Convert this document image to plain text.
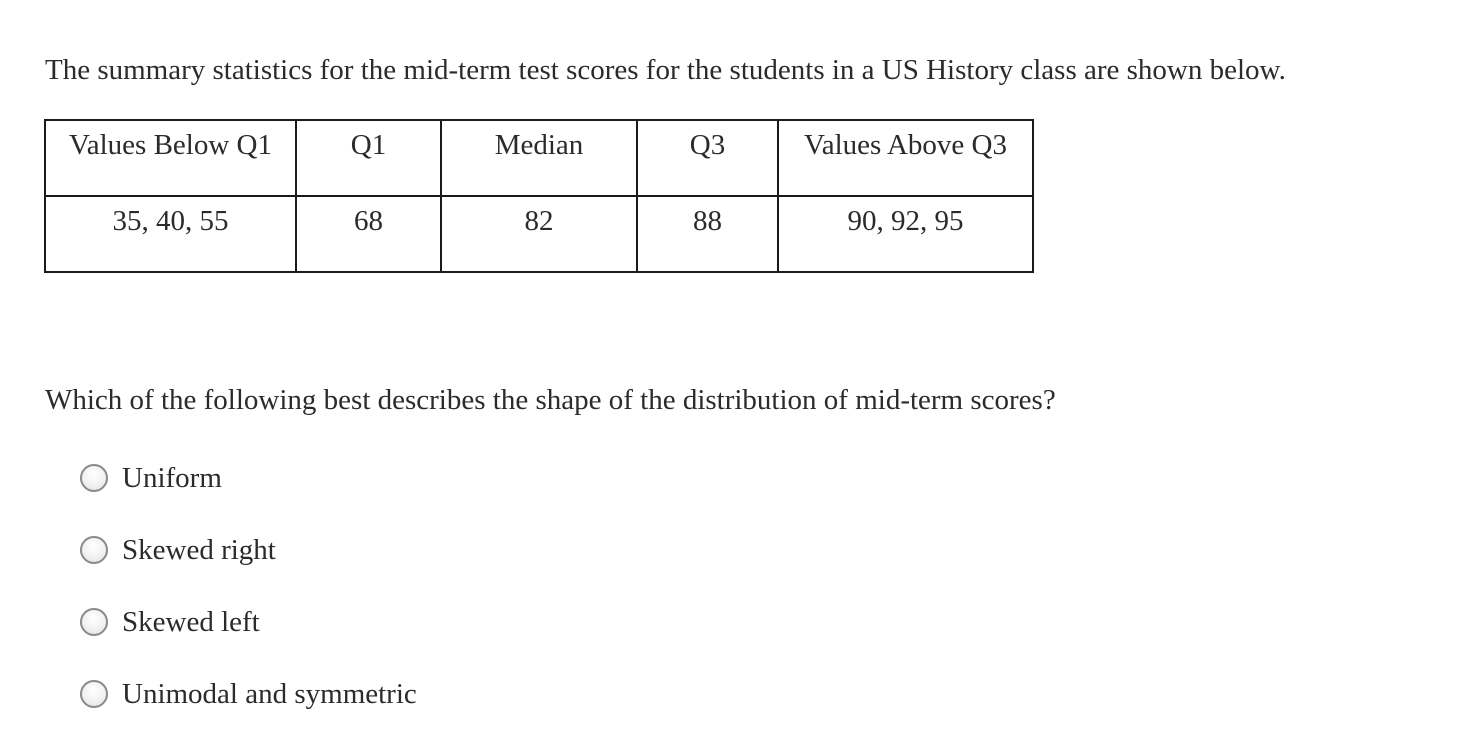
The summary statistics for the mid-term test scores for the students in a US History class are shown below.
Values Below Q1	Q1	Median	Q3	Values Above Q3
35, 40, 55	68	82	88	90, 92, 95
Which of the following best describes the shape of the distribution of mid-term scores?
Uniform
Skewed right
Skewed left
Unimodal and symmetric
